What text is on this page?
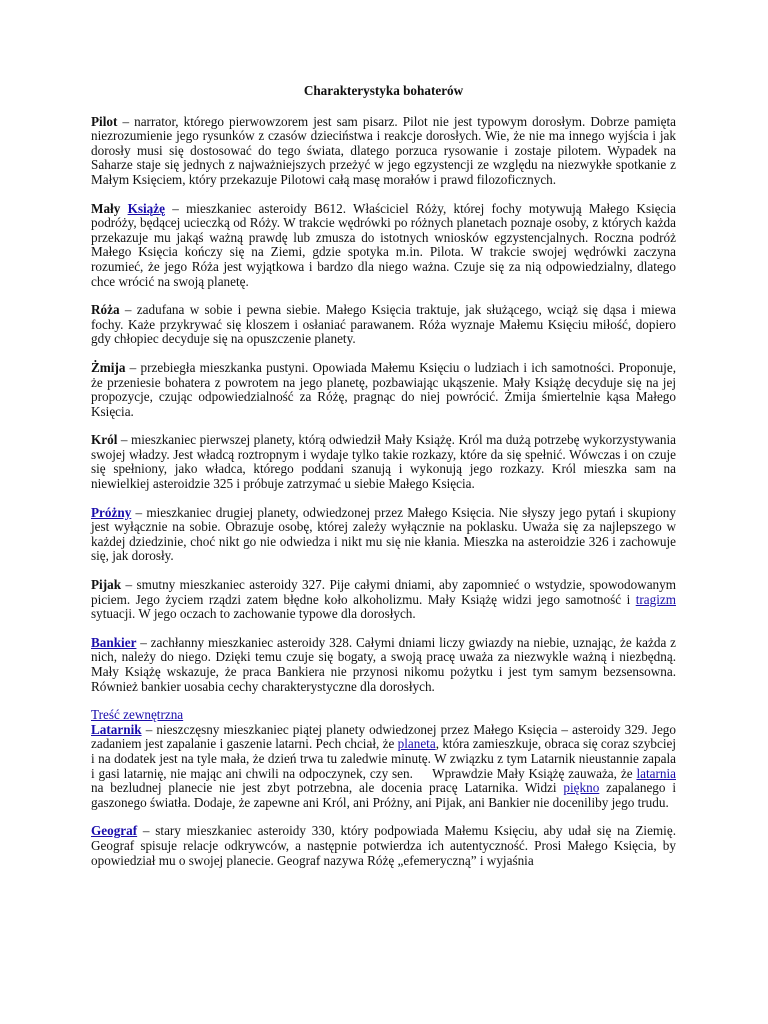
Charakterystyka bohaterów
Pilot – narrator, którego pierwowzorem jest sam pisarz. Pilot nie jest typowym dorosłym. Dobrze pamięta niezrozumienie jego rysunków z czasów dzieciństwa i reakcje dorosłych. Wie, że nie ma innego wyjścia i jak dorosły musi się dostosować do tego świata, dlatego porzuca rysowanie i zostaje pilotem. Wypadek na Saharze staje się jednych z najważniejszych przeżyć w jego egzystencji ze względu na niezwykłe spotkanie z Małym Księciem, który przekazuje Pilotowi całą masę morałów i prawd filozoficznych.
Mały Książę – mieszkaniec asteroidy B612. Właściciel Róży, której fochy motywują Małego Księcia podróży, będącej ucieczką od Róży. W trakcie wędrówki po różnych planetach poznaje osoby, z których każda przekazuje mu jakąś ważną prawdę lub zmusza do istotnych wniosków egzystencjalnych. Roczna podróż Małego Księcia kończy się na Ziemi, gdzie spotyka m.in. Pilota. W trakcie swojej wędrówki zaczyna rozumieć, że jego Róża jest wyjątkowa i bardzo dla niego ważna. Czuje się za nią odpowiedzialny, dlatego chce wrócić na swoją planetę.
Róża – zadufana w sobie i pewna siebie. Małego Księcia traktuje, jak służącego, wciąż się dąsa i miewa fochy. Każe przykrywać się kloszem i osłaniać parawanem. Róża wyznaje Małemu Księciu miłość, dopiero gdy chłopiec decyduje się na opuszczenie planety.
Żmija – przebiegła mieszkanka pustyni. Opowiada Małemu Księciu o ludziach i ich samotności. Proponuje, że przeniesie bohatera z powrotem na jego planetę, pozbawiając ukąszenie. Mały Książę decyduje się na jej propozycje, czując odpowiedzialność za Różę, pragnąc do niej powrócić. Żmija śmiertelnie kąsa Małego Księcia.
Król – mieszkaniec pierwszej planety, którą odwiedził Mały Książę. Król ma dużą potrzebę wykorzystywania swojej władzy. Jest władcą roztropnym i wydaje tylko takie rozkazy, które da się spełnić. Wówczas i on czuje się spełniony, jako władca, którego poddani szanują i wykonują jego rozkazy. Król mieszka sam na niewielkiej asteroidzie 325 i próbuje zatrzymać u siebie Małego Księcia.
Próżny – mieszkaniec drugiej planety, odwiedzonej przez Małego Księcia. Nie słyszy jego pytań i skupiony jest wyłącznie na sobie. Obrazuje osobę, której zależy wyłącznie na poklasku. Uważa się za najlepszego w każdej dziedzinie, choć nikt go nie odwiedza i nikt mu się nie kłania. Mieszka na asteroidzie 326 i zachowuje się, jak dorosły.
Pijak – smutny mieszkaniec asteroidy 327. Pije całymi dniami, aby zapomnieć o wstydzie, spowodowanym piciem. Jego życiem rządzi zatem błędne koło alkoholizmu. Mały Książę widzi jego samotność i tragizm sytuacji. W jego oczach to zachowanie typowe dla dorosłych.
Bankier – zachłanny mieszkaniec asteroidy 328. Całymi dniami liczy gwiazdy na niebie, uznając, że każda z nich, należy do niego. Dzięki temu czuje się bogaty, a swoją pracę uważa za niezwykle ważną i niezbędną. Mały Książę wskazuje, że praca Bankiera nie przynosi nikomu pożytku i jest tym samym bezsensowna. Również bankier uosabia cechy charakterystyczne dla dorosłych.
Treść zewnętrzna
Latarnik – nieszczęsny mieszkaniec piątej planety odwiedzonej przez Małego Księcia – asteroidy 329. Jego zadaniem jest zapalanie i gaszenie latarni. Pech chciał, że planeta, która zamieszkuje, obraca się coraz szybciej i na dodatek jest na tyle mała, że dzień trwa tu zaledwie minutę. W związku z tym Latarnik nieustannie zapala i gasi latarnię, nie mając ani chwili na odpoczynek, czy sen.     Wprawdzie Mały Książę zauważa, że latarnia na bezludnej planecie nie jest zbyt potrzebna, ale docenia pracę Latarnika. Widzi piękno zapalanego i gaszonego światła. Dodaje, że zapewne ani Król, ani Próżny, ani Pijak, ani Bankier nie doceniliby jego trudu.
Geograf – stary mieszkaniec asteroidy 330, który podpowiada Małemu Księciu, aby udał się na Ziemię. Geograf spisuje relacje odkrywców, a następnie potwierdza ich autentyczność. Prosi Małego Księcia, by opowiedział mu o swojej planecie. Geograf nazywa Różę „efemeryczną” i wyjaśnia
